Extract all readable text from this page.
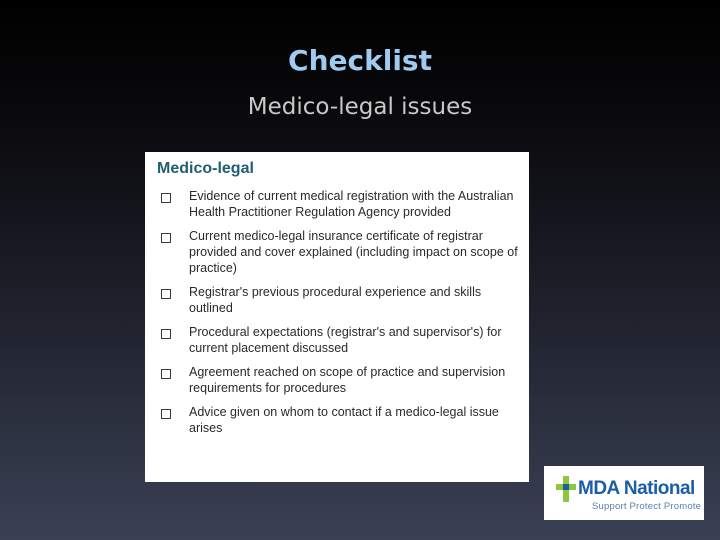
Checklist
Medico-legal issues
Medico-legal
Evidence of current medical registration with the Australian Health Practitioner Regulation Agency provided
Current medico-legal insurance certificate of registrar provided and cover explained (including impact on scope of practice)
Registrar's previous procedural experience and skills outlined
Procedural expectations (registrar's and supervisor's) for current placement discussed
Agreement reached on scope of practice and supervision requirements for procedures
Advice given on whom to contact if a medico-legal issue arises
MDA National
Support Protect Promote
